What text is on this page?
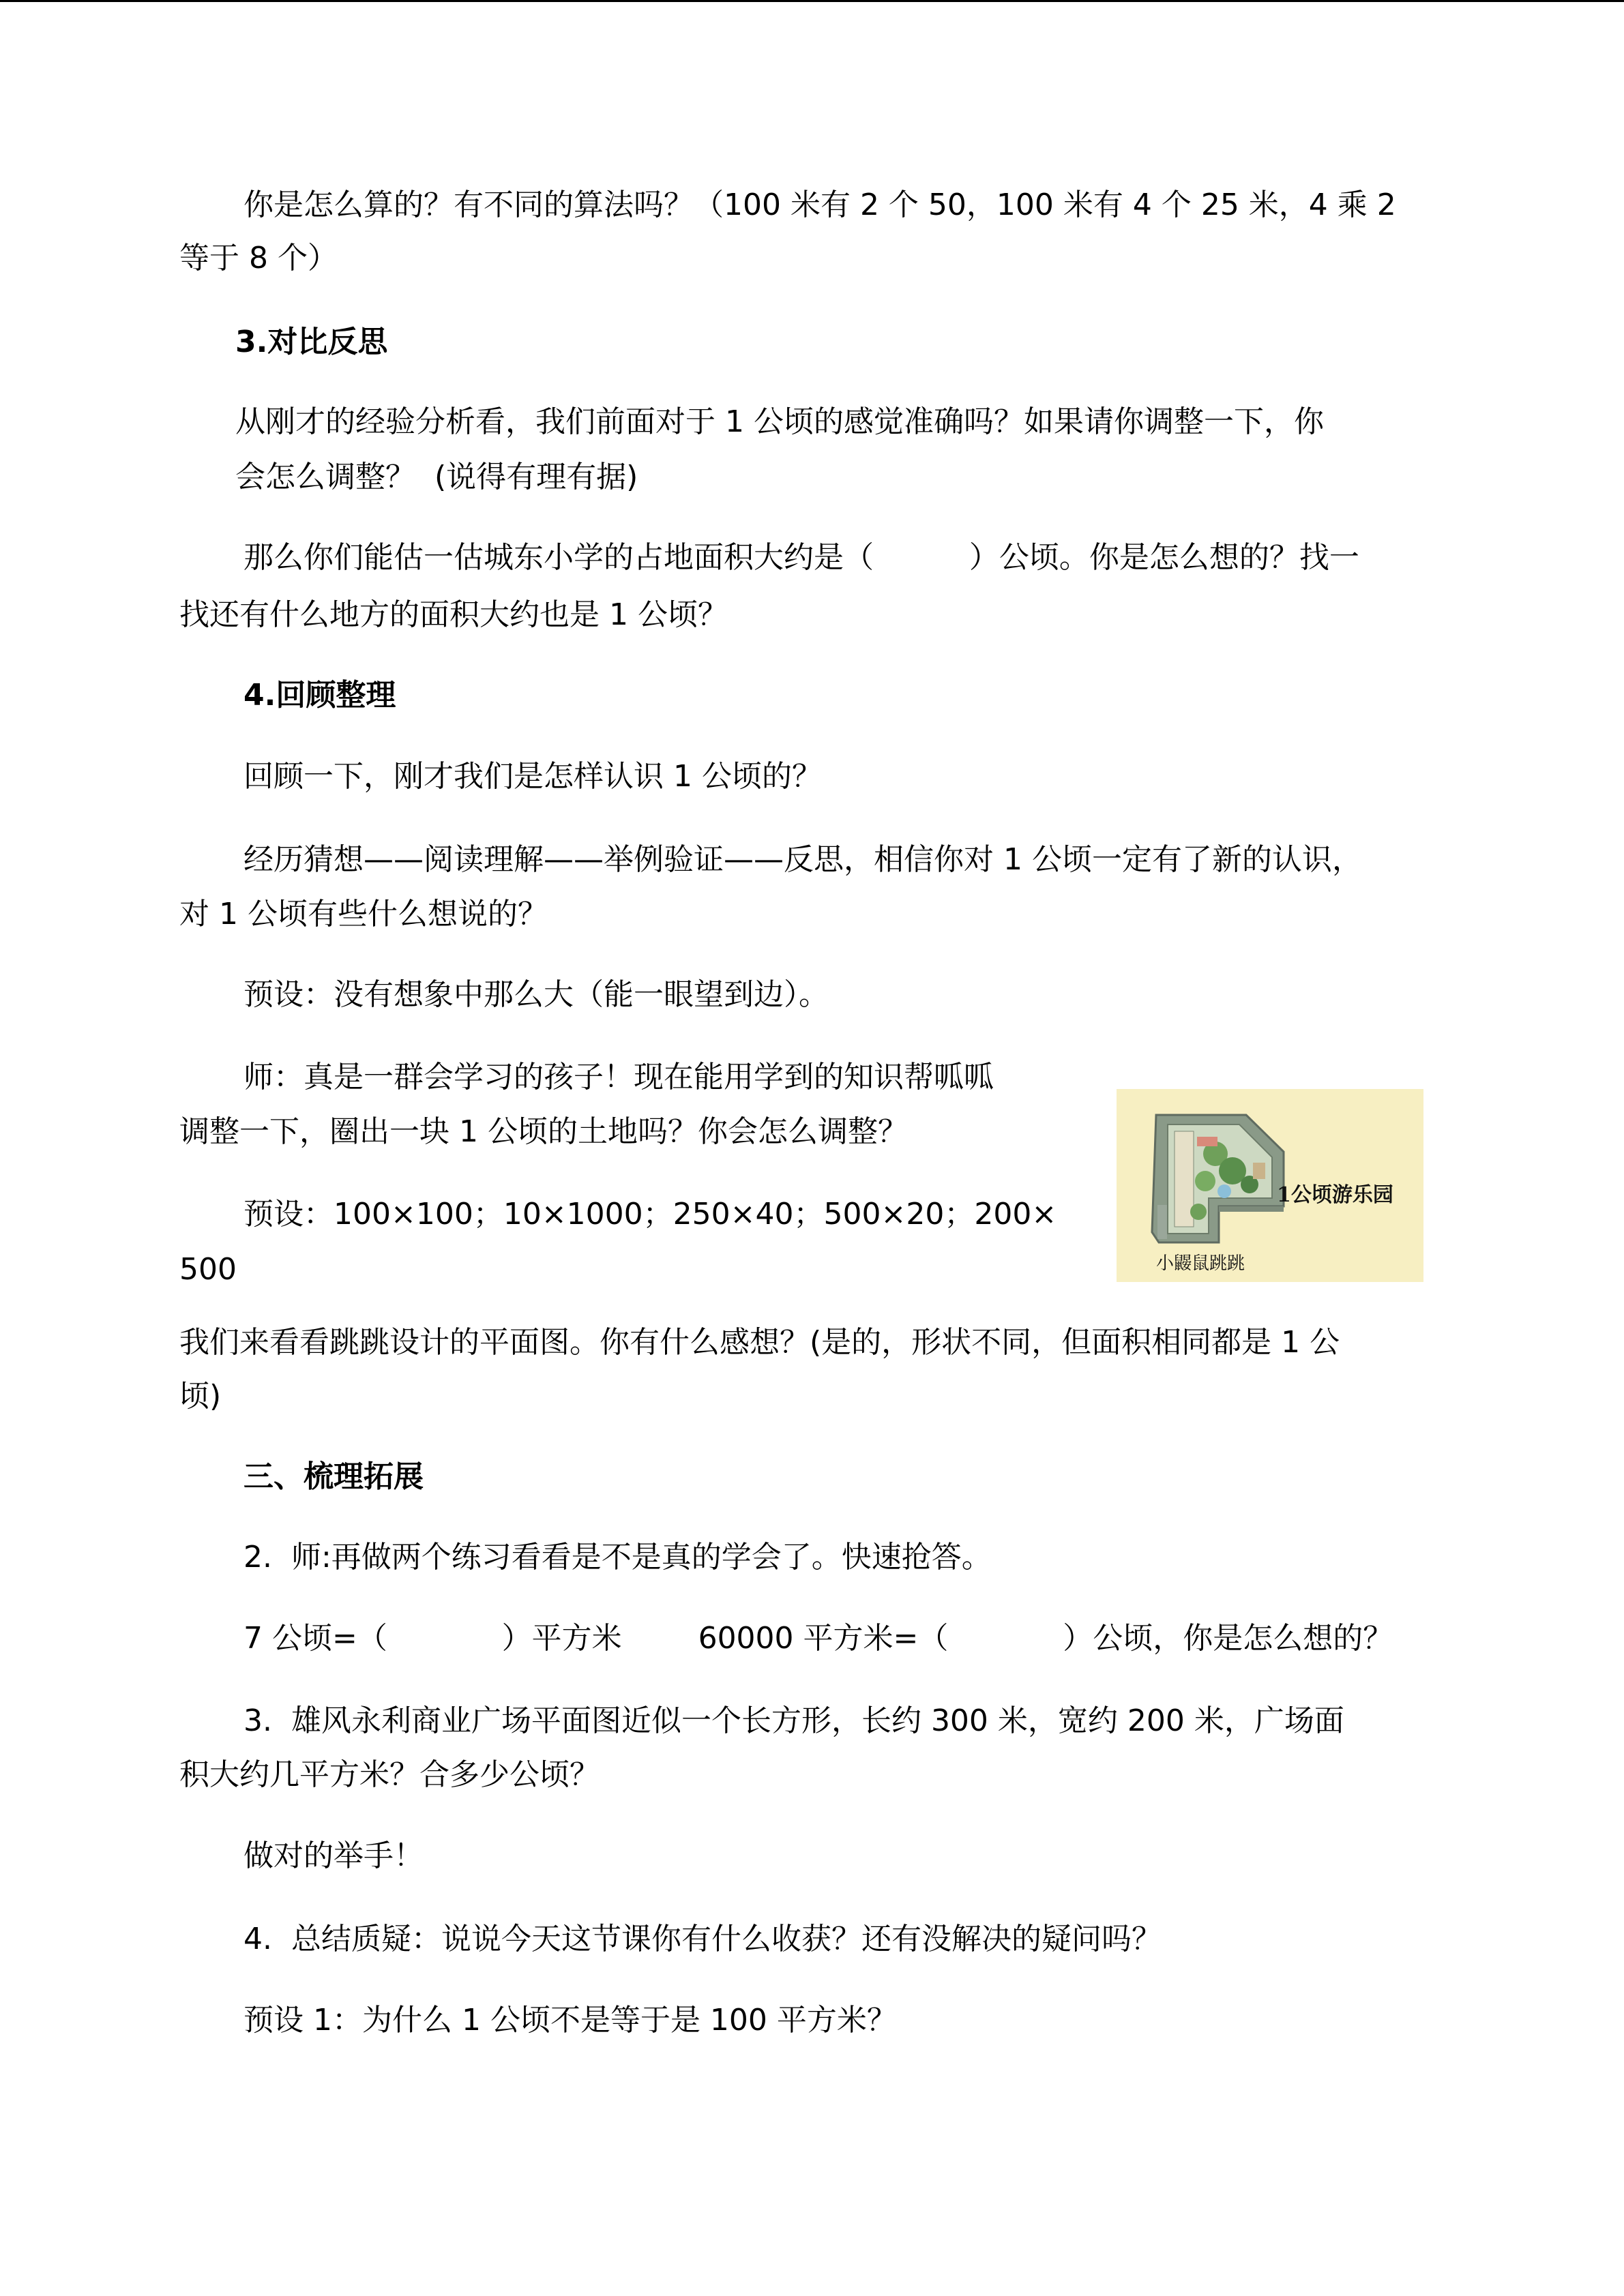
你是怎么算的？有不同的算法吗？（100 米有 2 个 50，100 米有 4 个 25 米，4 乘 2

等于 8 个）

3.对比反思

从刚才的经验分析看，我们前面对于 1 公顷的感觉准确吗？如果请你调整一下，你

会怎么调整？  (说得有理有据)

那么你们能估一估城东小学的占地面积大约是（          ）公顷。你是怎么想的？找一

找还有什么地方的面积大约也是 1 公顷？

4.回顾整理

回顾一下，刚才我们是怎样认识 1 公顷的？

经历猜想——阅读理解——举例验证——反思，相信你对 1 公顷一定有了新的认识，

对 1 公顷有些什么想说的？

预设：没有想象中那么大（能一眼望到边）。

师：真是一群会学习的孩子！现在能用学到的知识帮呱呱

调整一下，圈出一块 1 公顷的土地吗？你会怎么调整？

预设：100×100；10×1000；250×40；500×20；200×

500

1公顷游乐园
小鼹鼠跳跳

我们来看看跳跳设计的平面图。你有什么感想？(是的，形状不同，但面积相同都是 1 公

顷)

三、梳理拓展

2.  师:再做两个练习看看是不是真的学会了。快速抢答。

7 公顷=（            ）平方米        60000 平方米=（            ）公顷，你是怎么想的？

3.  雄风永利商业广场平面图近似一个长方形，长约 300 米，宽约 200 米，广场面

积大约几平方米？合多少公顷？

做对的举手！

4.  总结质疑：说说今天这节课你有什么收获？还有没解决的疑问吗？

预设 1：为什么 1 公顷不是等于是 100 平方米？
